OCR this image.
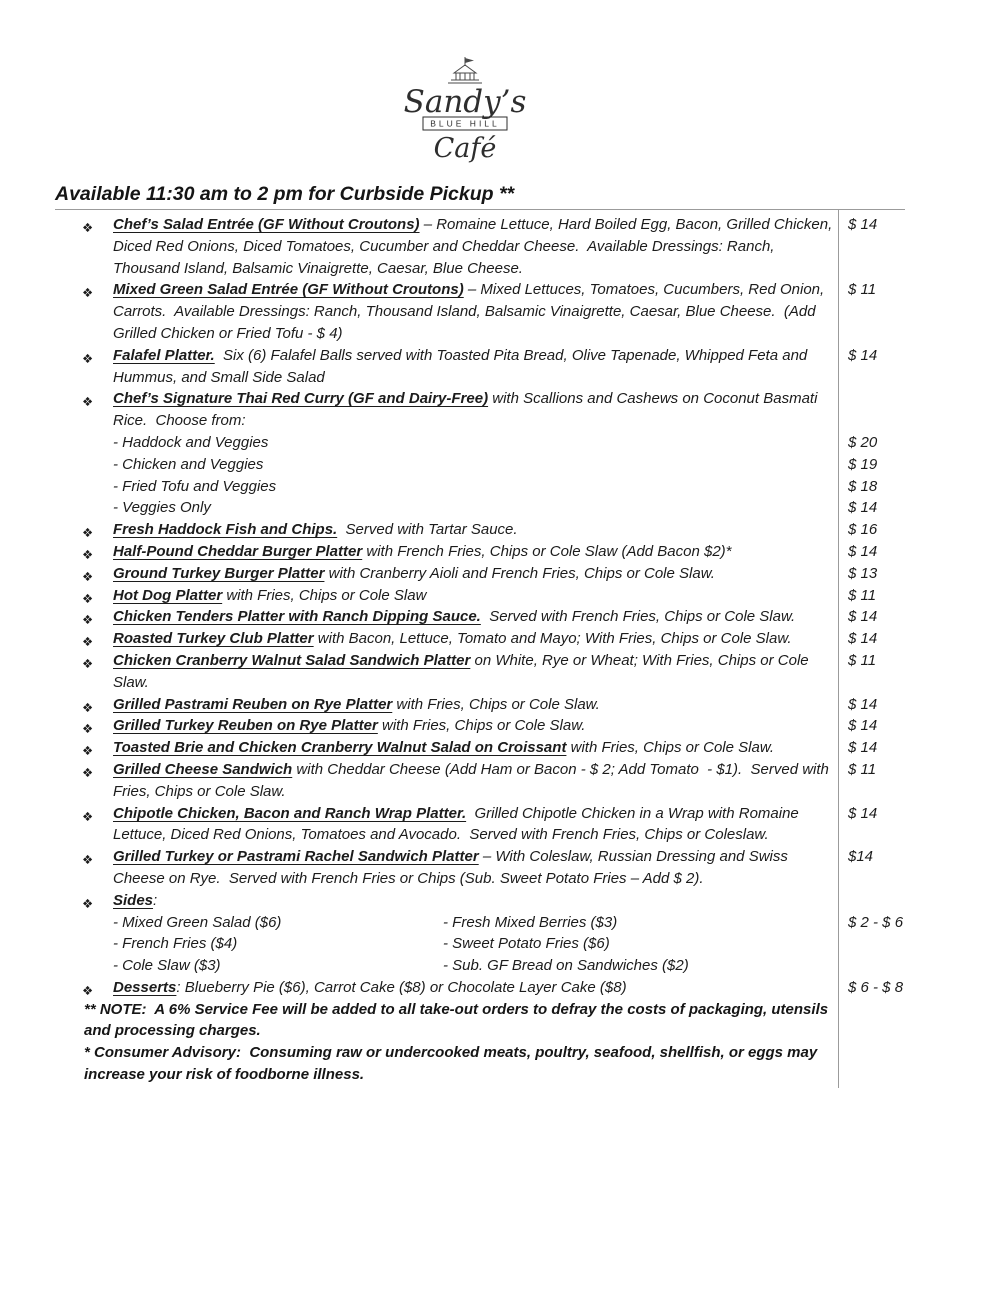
Sandy’s
BLUE HILL
Café
Available 11:30 am to 2 pm for Curbside Pickup **
❖ Chef’s Salad Entrée (GF Without Croutons) – Romaine Lettuce, Hard Boiled Egg, Bacon, Grilled Chicken, Diced Red Onions, Diced Tomatoes, Cucumber and Cheddar Cheese.  Available Dressings: Ranch, Thousand Island, Balsamic Vinaigrette, Caesar, Blue Cheese.
$ 14
❖ Mixed Green Salad Entrée (GF Without Croutons) – Mixed Lettuces, Tomatoes, Cucumbers, Red Onion, Carrots.  Available Dressings: Ranch, Thousand Island, Balsamic Vinaigrette, Caesar, Blue Cheese.  (Add Grilled Chicken or Fried Tofu - $ 4)
$ 11
❖ Falafel Platter.  Six (6) Falafel Balls served with Toasted Pita Bread, Olive Tapenade, Whipped Feta and Hummus, and Small Side Salad
$ 14
❖ Chef’s Signature Thai Red Curry (GF and Dairy-Free) with Scallions and Cashews on Coconut Basmati Rice.  Choose from:
- Haddock and Veggies	$ 20
- Chicken and Veggies	$ 19
- Fried Tofu and Veggies	$ 18
- Veggies Only	$ 14
❖ Fresh Haddock Fish and Chips.  Served with Tartar Sauce.	$ 16
❖ Half-Pound Cheddar Burger Platter with French Fries, Chips or Cole Slaw (Add Bacon $2)*	$ 14
❖ Ground Turkey Burger Platter with Cranberry Aioli and French Fries, Chips or Cole Slaw.	$ 13
❖ Hot Dog Platter with Fries, Chips or Cole Slaw	$ 11
❖ Chicken Tenders Platter with Ranch Dipping Sauce.  Served with French Fries, Chips or Cole Slaw.	$ 14
❖ Roasted Turkey Club Platter with Bacon, Lettuce, Tomato and Mayo; With Fries, Chips or Cole Slaw.	$ 14
❖ Chicken Cranberry Walnut Salad Sandwich Platter on White, Rye or Wheat; With Fries, Chips or Cole Slaw.
$ 11
❖ Grilled Pastrami Reuben on Rye Platter with Fries, Chips or Cole Slaw.	$ 14
❖ Grilled Turkey Reuben on Rye Platter with Fries, Chips or Cole Slaw.	$ 14
❖ Toasted Brie and Chicken Cranberry Walnut Salad on Croissant with Fries, Chips or Cole Slaw.	$ 14
❖ Grilled Cheese Sandwich with Cheddar Cheese (Add Ham or Bacon - $ 2; Add Tomato  - $1).  Served with Fries, Chips or Cole Slaw.
$ 11
❖ Chipotle Chicken, Bacon and Ranch Wrap Platter.  Grilled Chipotle Chicken in a Wrap with Romaine Lettuce, Diced Red Onions, Tomatoes and Avocado.  Served with French Fries, Chips or Coleslaw.
$ 14
❖ Grilled Turkey or Pastrami Rachel Sandwich Platter – With Coleslaw, Russian Dressing and Swiss Cheese on Rye.  Served with French Fries or Chips (Sub. Sweet Potato Fries – Add $ 2).
$14
❖ Sides:
- Mixed Green Salad ($6)	- Fresh Mixed Berries ($3)	$ 2 - $ 6
- French Fries ($4)	- Sweet Potato Fries ($6)
- Cole Slaw ($3)	- Sub. GF Bread on Sandwiches ($2)
❖ Desserts: Blueberry Pie ($6), Carrot Cake ($8) or Chocolate Layer Cake ($8)	$ 6 - $ 8
** NOTE:  A 6% Service Fee will be added to all take-out orders to defray the costs of packaging, utensils and processing charges.
* Consumer Advisory:  Consuming raw or undercooked meats, poultry, seafood, shellfish, or eggs may increase your risk of foodborne illness.
